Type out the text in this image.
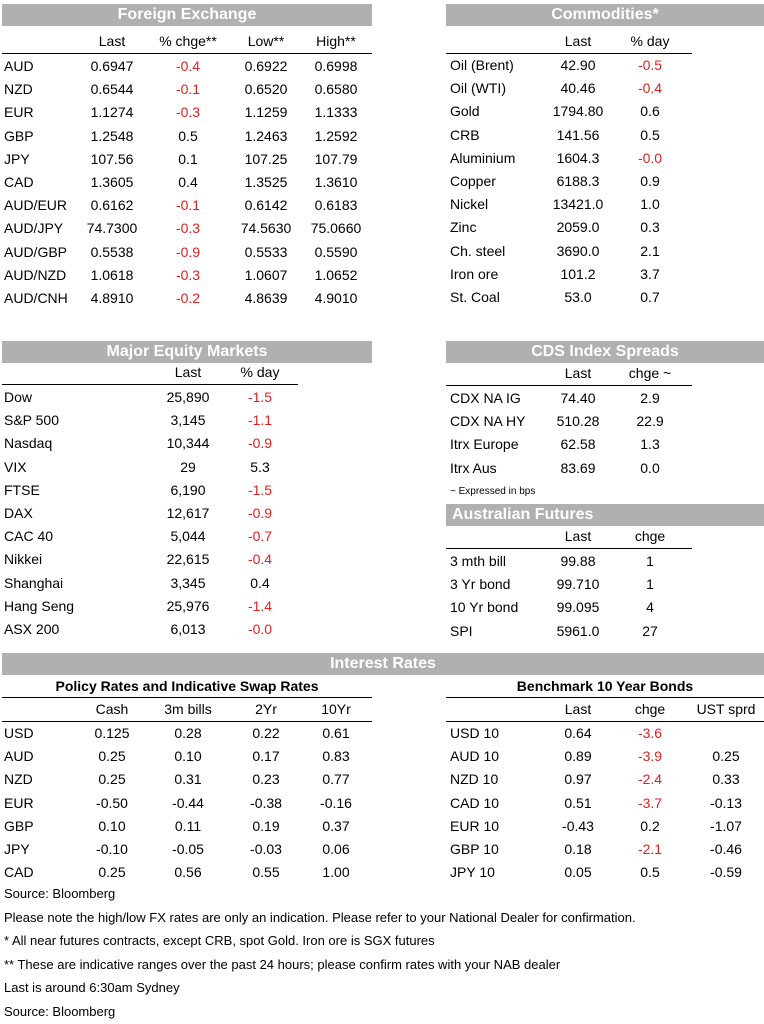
Foreign Exchange
Last	% chge**	Low**	High**
AUD	0.6947	-0.4	0.6922	0.6998
NZD	0.6544	-0.1	0.6520	0.6580
EUR	1.1274	-0.3	1.1259	1.1333
GBP	1.2548	0.5	1.2463	1.2592
JPY	107.56	0.1	107.25	107.79
CAD	1.3605	0.4	1.3525	1.3610
AUD/EUR	0.6162	-0.1	0.6142	0.6183
AUD/JPY	74.7300	-0.3	74.5630	75.0660
AUD/GBP	0.5538	-0.9	0.5533	0.5590
AUD/NZD	1.0618	-0.3	1.0607	1.0652
AUD/CNH	4.8910	-0.2	4.8639	4.9010
Commodities*
Last	% day
Oil (Brent)	42.90	-0.5
Oil (WTI)	40.46	-0.4
Gold	1794.80	0.6
CRB	141.56	0.5
Aluminium	1604.3	-0.0
Copper	6188.3	0.9
Nickel	13421.0	1.0
Zinc	2059.0	0.3
Ch. steel	3690.0	2.1
Iron ore	101.2	3.7
St. Coal	53.0	0.7
Major Equity Markets
Last	% day
Dow	25,890	-1.5
S&P 500	3,145	-1.1
Nasdaq	10,344	-0.9
VIX	29	5.3
FTSE	6,190	-1.5
DAX	12,617	-0.9
CAC 40	5,044	-0.7
Nikkei	22,615	-0.4
Shanghai	3,345	0.4
Hang Seng	25,976	-1.4
ASX 200	6,013	-0.0
CDS Index Spreads
Last	chge ~
CDX NA IG	74.40	2.9
CDX NA HY	510.28	22.9
Itrx Europe	62.58	1.3
Itrx Aus	83.69	0.0
~ Expressed in bps
Australian Futures
Last	chge
3 mth bill	99.88	1
3 Yr bond	99.710	1
10 Yr bond	99.095	4
SPI	5961.0	27
Interest Rates
Policy Rates and Indicative Swap Rates	Benchmark 10 Year Bonds
Cash	3m bills	2Yr	10Yr
USD	0.125	0.28	0.22	0.61
AUD	0.25	0.10	0.17	0.83
NZD	0.25	0.31	0.23	0.77
EUR	-0.50	-0.44	-0.38	-0.16
GBP	0.10	0.11	0.19	0.37
JPY	-0.10	-0.05	-0.03	0.06
CAD	0.25	0.56	0.55	1.00
Last	chge	UST sprd
USD 10	0.64	-3.6
AUD 10	0.89	-3.9	0.25
NZD 10	0.97	-2.4	0.33
CAD 10	0.51	-3.7	-0.13
EUR 10	-0.43	0.2	-1.07
GBP 10	0.18	-2.1	-0.46
JPY 10	0.05	0.5	-0.59
Source: Bloomberg
Please note the high/low FX rates are only an indication. Please refer to your National Dealer for confirmation.
* All near futures contracts, except CRB, spot Gold. Iron ore is SGX futures
** These are indicative ranges over the past 24 hours; please confirm rates with your NAB dealer
Last is around 6:30am Sydney
Source: Bloomberg
